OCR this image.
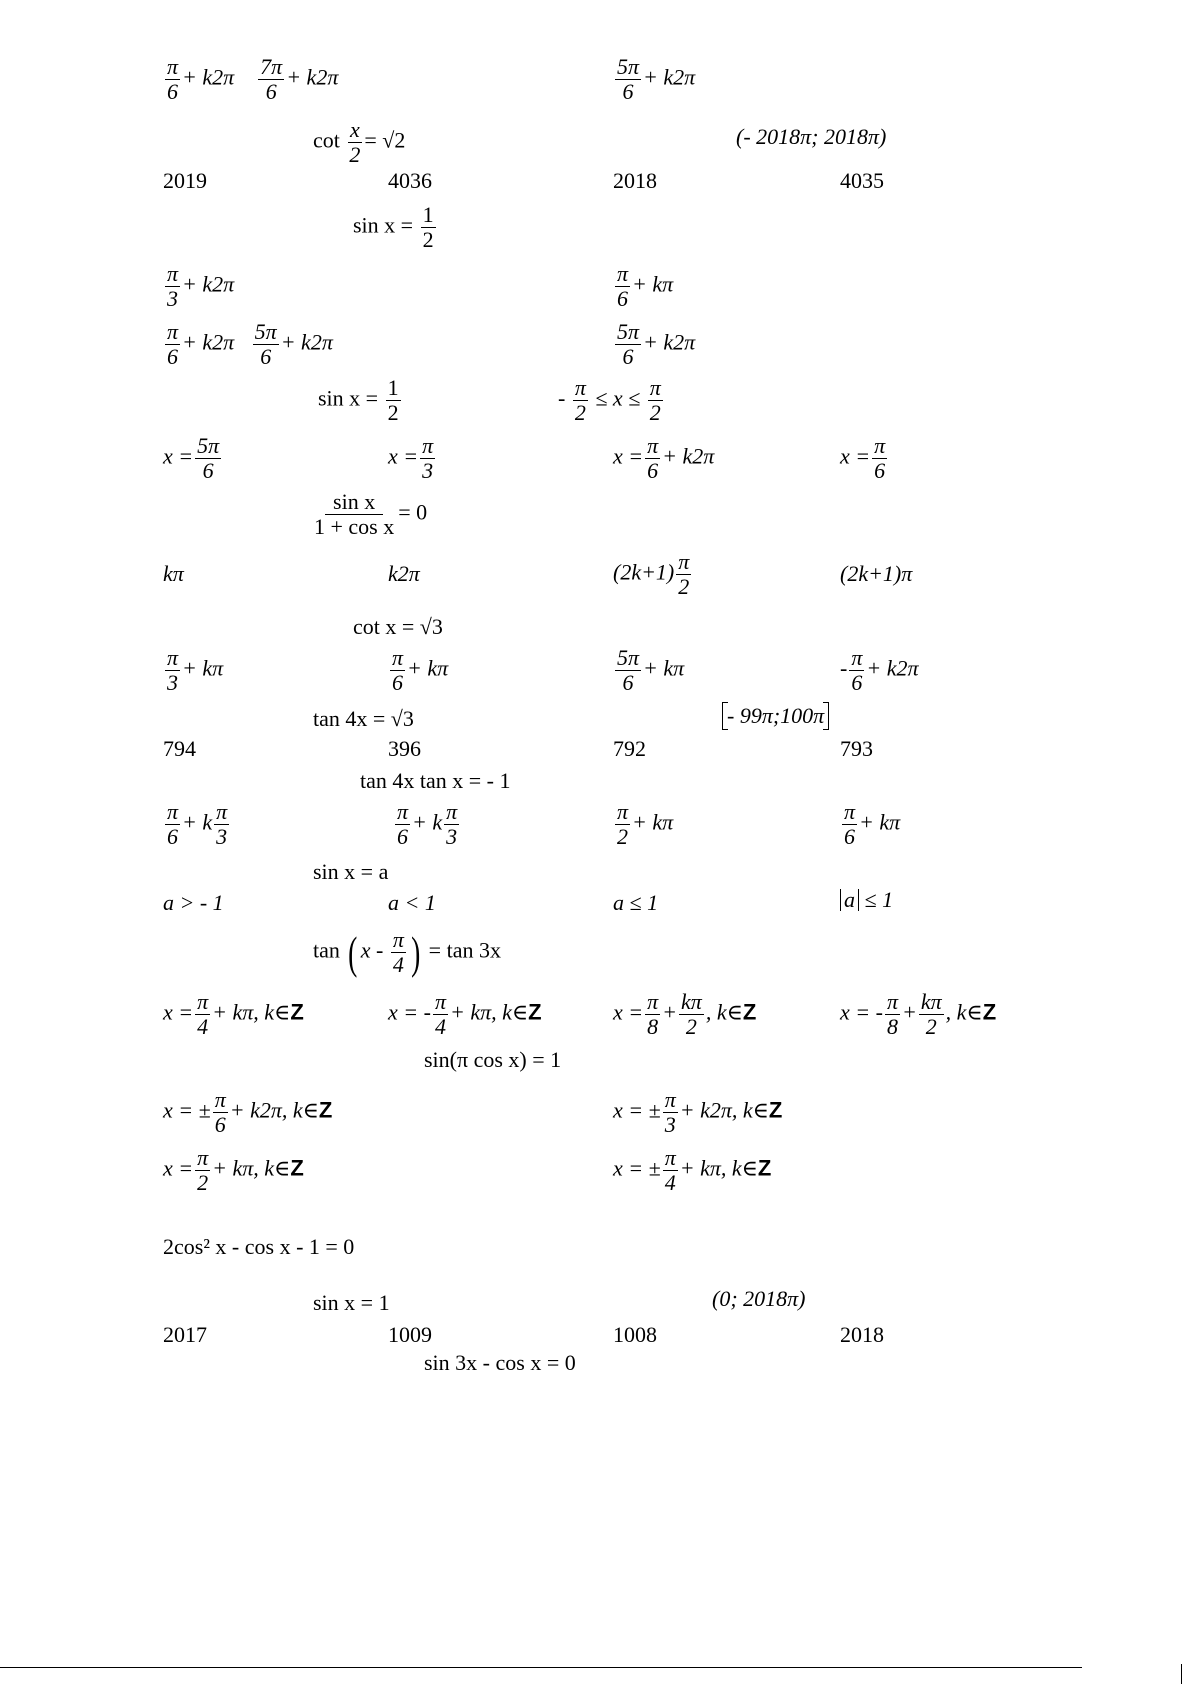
$\frac{\pi}{6} + k2\pi \frac{7\pi}{6} + k2\pi$	$\frac{5\pi}{6} + k2\pi$
$\cot \frac{x}{2} = √2$	(- 2018π; 2018π)
2019	4036	2018	4035
$\sin x = \frac{1}{2}$
$\frac{\pi}{3} + k2\pi$	$\frac{\pi}{6} + k\pi$
$\frac{\pi}{6} + k2\pi \frac{5\pi}{6} + k2\pi$	$\frac{5\pi}{6} + k2\pi$
$\sin x = \frac{1}{2}$	- $\frac{\pi}{2} \le x \le \frac{\pi}{2}$
$x = \frac{5\pi}{6}$	$x = \frac{\pi}{3}$	$x = \frac{\pi}{6} + k2\pi$	$x = \frac{\pi}{6}$
$\frac{\text{sin x}}{\text{1 + cos x}} = 0$
kπ	k2π	$(2k+1) \frac{\pi}{2}$	(2k+1)π
cot x = √3
$\frac{\pi}{3} + k\pi$	$\frac{\pi}{6} + k\pi$	$\frac{5\pi}{6} + k\pi$	- $\frac{\pi}{6} + k2\pi$
tan 4x = √3	- 99π;100π
794	396	792	793
tan 4x tan x = - 1
$\frac{\pi}{6} + k \frac{\pi}{3}$	$\frac{\pi}{6} + k \frac{\pi}{3}$	$\frac{\pi}{2} + k\pi$	$\frac{\pi}{6} + k\pi$
sin x = a
a > - 1	a < 1	a ≤ 1	a ≤ 1
tan ( x - $\frac{\pi}{4}$ ) = tan 3x
$x = \frac{\pi}{4} + k\pi$, k∈Z	x = - $\frac{\pi}{4} + k\pi$, k∈Z	$x = \frac{\pi}{8} + \frac{k\pi}{2}$ , k∈Z	x = - $\frac{\pi}{8} + \frac{k\pi}{2}$ , k∈Z
sin(π cos x) = 1
x = ± $\frac{\pi}{6} + k2\pi$, k∈Z	x = ± $\frac{\pi}{3} + k2\pi$, k∈Z
$x = \frac{\pi}{2} + k\pi$, k∈Z	x = ± $\frac{\pi}{4} + k\pi$, k∈Z
2cos² x - cos x - 1 = 0
sin x = 1	(0; 2018π)
2017	1009	1008	2018
sin 3x - cos x = 0
